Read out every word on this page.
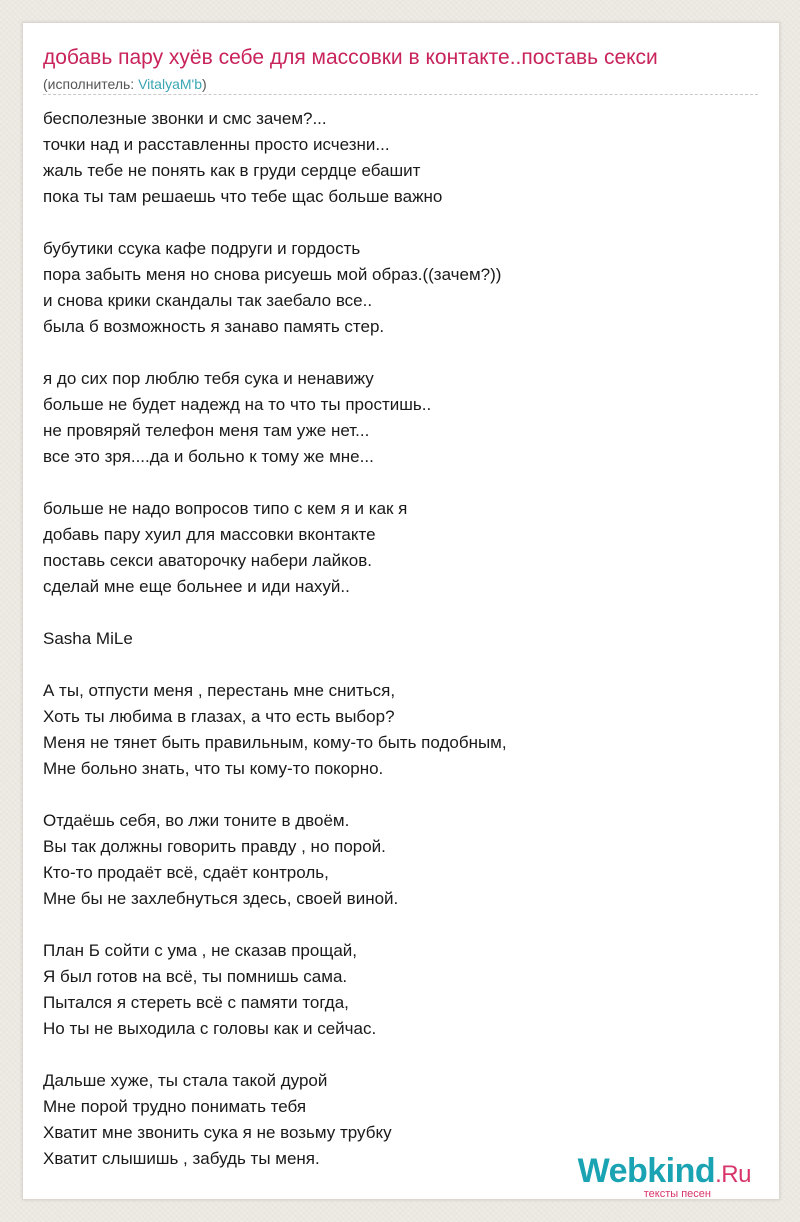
добавь пару хуёв себе для массовки в контакте..поставь секси
(исполнитель: VitalyaM'b)
бесполезные звонки и смс зачем?...
точки над и расставленны просто исчезни...
жаль тебе не понять как в груди сердце ебашит
пока ты там решаешь что тебе щас больше важно
бубутики ссука кафе подруги и гордость
пора забыть меня но снова рисуешь мой образ.((зачем?))
и снова крики скандалы так заебало все..
была б возможность я занаво память стер.
я до сих пор люблю тебя сука и ненавижу
больше не будет надежд на то что ты простишь..
не провяряй телефон меня там уже нет...
все это зря....да и больно к тому же мне...
больше не надо вопросов типо с кем я и как я
добавь пару хуил для массовки вконтакте
поставь секси аваторочку набери лайков.
сделай мне еще больнее и иди нахуй..
Sasha MiLe
А ты, отпусти меня , перестань мне сниться,
Хоть ты любима в глазах, а что есть выбор?
Меня не тянет быть правильным, кому-то быть подобным,
Мне больно знать, что ты кому-то покорно.
Отдаёшь себя, во лжи тоните в двоём.
Вы так должны говорить правду , но порой.
Кто-то продаёт всё, сдаёт контроль,
Мне бы не захлебнуться здесь, своей виной.
План Б сойти с ума , не сказав прощай,
Я был готов на всё, ты помнишь сама.
Пытался я стереть всё с памяти тогда,
Но ты не выходила с головы как и сейчас.
Дальше хуже, ты стала такой дурой
Мне порой трудно понимать тебя
Хватит мне звонить сука я не возьму трубку
Хватит слышишь , забудь ты меня.	Webkind.Ru
тексты песен
